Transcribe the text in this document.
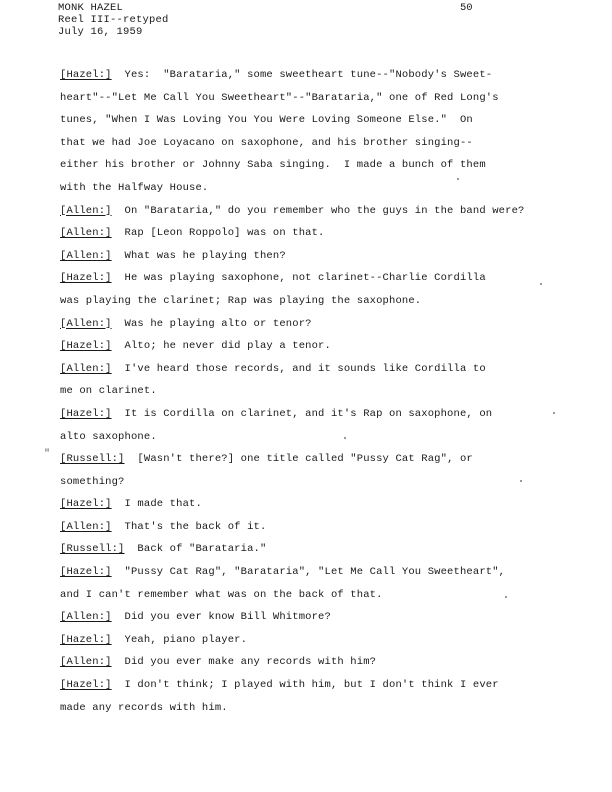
MONK HAZEL
Reel III--retyped
July 16, 1959
50
"
[Hazel:]  Yes:  "Barataria," some sweetheart tune--"Nobody's Sweet-
heart"--"Let Me Call You Sweetheart"--"Barataria," one of Red Long's
tunes, "When I Was Loving You You Were Loving Someone Else."  On
that we had Joe Loyacano on saxophone, and his brother singing--
either his brother or Johnny Saba singing.  I made a bunch of them
with the Halfway House.
[Allen:]  On "Barataria," do you remember who the guys in the band were?
[Allen:]  Rap [Leon Roppolo] was on that.
[Allen:]  What was he playing then?
[Hazel:]  He was playing saxophone, not clarinet--Charlie Cordilla
was playing the clarinet; Rap was playing the saxophone.
[Allen:]  Was he playing alto or tenor?
[Hazel:]  Alto; he never did play a tenor.
[Allen:]  I've heard those records, and it sounds like Cordilla to
me on clarinet.
[Hazel:]  It is Cordilla on clarinet, and it's Rap on saxophone, on
alto saxophone.
[Russell:]  [Wasn't there?] one title called "Pussy Cat Rag", or
something?
[Hazel:]  I made that.
[Allen:]  That's the back of it.
[Russell:]  Back of "Barataria."
[Hazel:]  "Pussy Cat Rag", "Barataria", "Let Me Call You Sweetheart",
and I can't remember what was on the back of that.
[Allen:]  Did you ever know Bill Whitmore?
[Hazel:]  Yeah, piano player.
[Allen:]  Did you ever make any records with him?
[Hazel:]  I don't think; I played with him, but I don't think I ever
made any records with him.
